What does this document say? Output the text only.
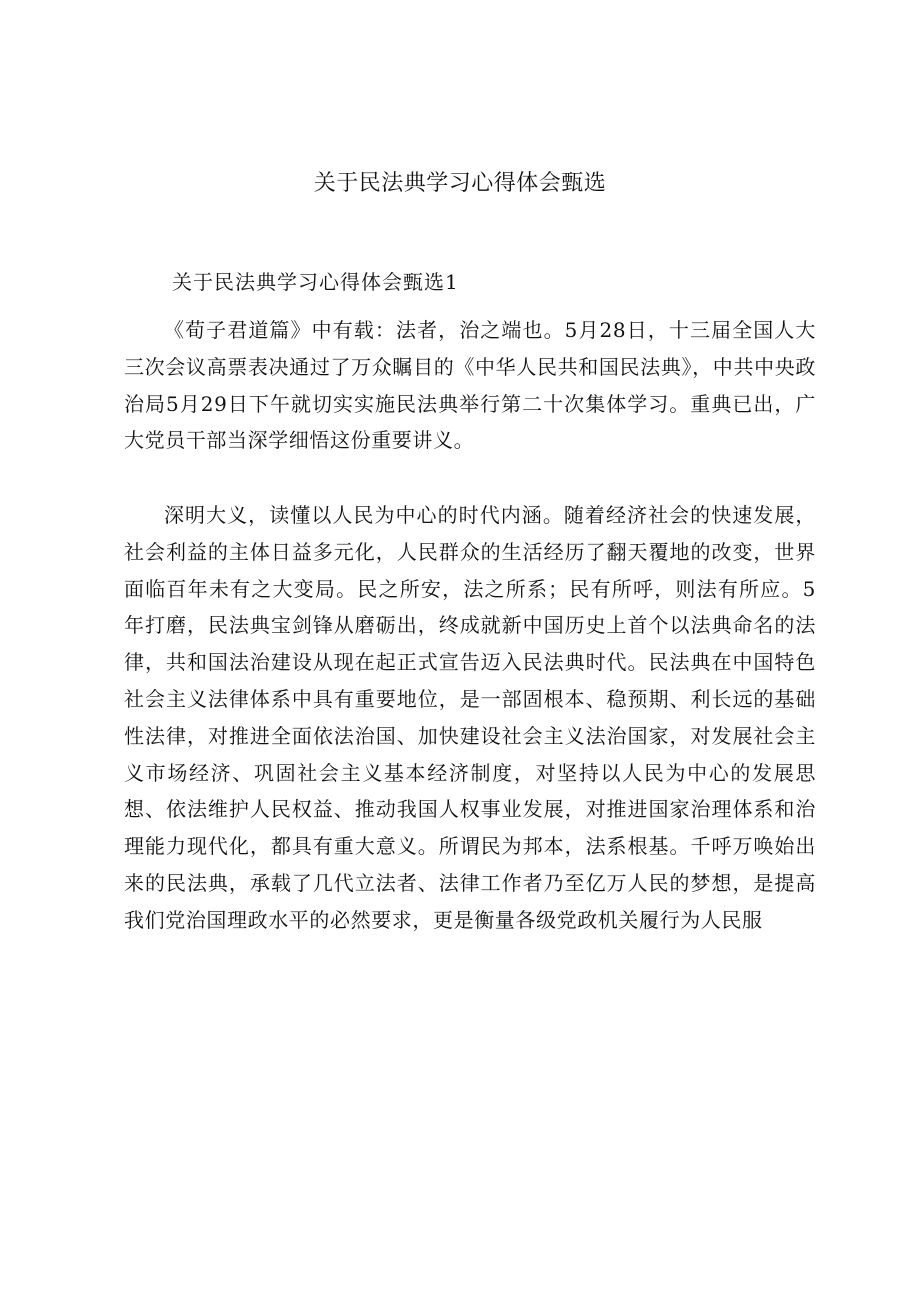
关于民法典学习心得体会甄选
关于民法典学习心得体会甄选1

《荀子君道篇》中有载：法者，治之端也。5月28日，十三届全国人大三次会议高票表决通过了万众瞩目的《中华人民共和国民法典》，中共中央政治局5月29日下午就切实实施民法典举行第二十次集体学习。重典已出，广大党员干部当深学细悟这份重要讲义。

深明大义，读懂以人民为中心的时代内涵。随着经济社会的快速发展，社会利益的主体日益多元化，人民群众的生活经历了翻天覆地的改变，世界面临百年未有之大变局。民之所安，法之所系；民有所呼，则法有所应。5年打磨，民法典宝剑锋从磨砺出，终成就新中国历史上首个以法典命名的法律，共和国法治建设从现在起正式宣告迈入民法典时代。民法典在中国特色社会主义法律体系中具有重要地位，是一部固根本、稳预期、利长远的基础性法律，对推进全面依法治国、加快建设社会主义法治国家，对发展社会主义市场经济、巩固社会主义基本经济制度，对坚持以人民为中心的发展思想、依法维护人民权益、推动我国人权事业发展，对推进国家治理体系和治理能力现代化，都具有重大意义。所谓民为邦本，法系根基。千呼万唤始出来的民法典，承载了几代立法者、法律工作者乃至亿万人民的梦想，是提高我们党治国理政水平的必然要求，更是衡量各级党政机关履行为人民服
